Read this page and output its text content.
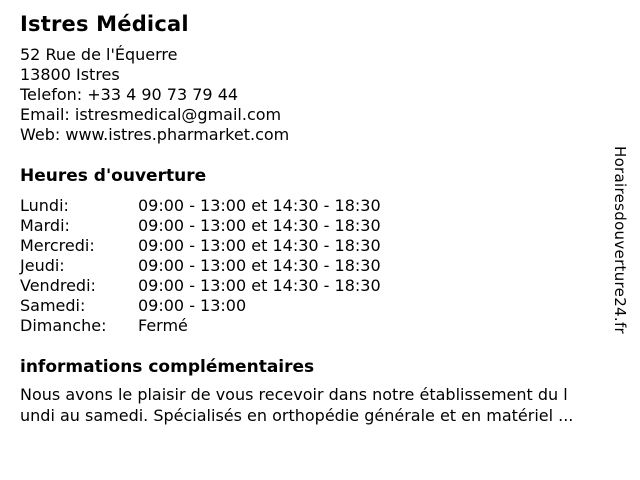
Istres Médical
52 Rue de l'Équerre
13800 Istres
Telefon: +33 4 90 73 79 44
Email: istresmedical@gmail.com
Web: www.istres.pharmarket.com
Heures d'ouverture
Lundi:	09:00 - 13:00 et 14:30 - 18:30
Mardi:	09:00 - 13:00 et 14:30 - 18:30
Mercredi:	09:00 - 13:00 et 14:30 - 18:30
Jeudi:	09:00 - 13:00 et 14:30 - 18:30
Vendredi:	09:00 - 13:00 et 14:30 - 18:30
Samedi:	09:00 - 13:00
Dimanche:	Fermé
informations complémentaires
Nous avons le plaisir de vous recevoir dans notre établissement du l
undi au samedi. Spécialisés en orthopédie générale et en matériel ...
Horairesdouverture24.fr
